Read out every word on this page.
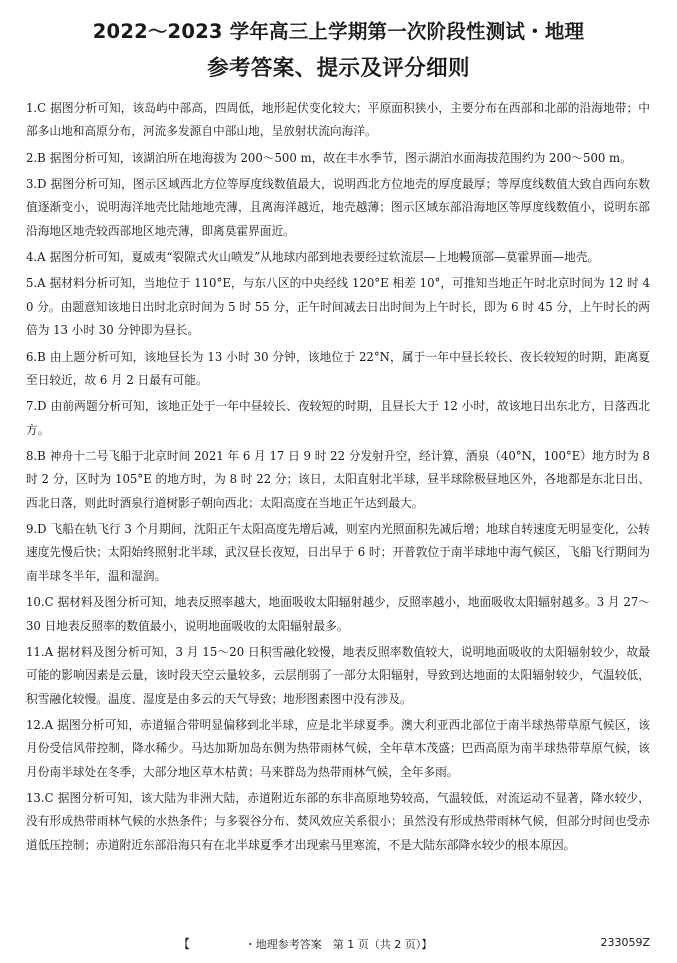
2022～2023 学年高三上学期第一次阶段性测试・地理
参考答案、提示及评分细则

1.C 据图分析可知，该岛屿中部高，四周低，地形起伏变化较大；平原面积狭小，主要分布在西部和北部的沿海地带；中部多山地和高原分布，河流多发源自中部山地，呈放射状流向海洋。

2.B 据图分析可知，该湖泊所在地海拔为 200～500 m，故在丰水季节，图示湖泊水面海拔范围约为 200～500 m。

3.D 据图分析可知，图示区域西北方位等厚度线数值最大，说明西北方位地壳的厚度最厚；等厚度线数值大致自西向东数值逐渐变小，说明海洋地壳比陆地地壳薄，且离海洋越近，地壳越薄；图示区域东部沿海地区等厚度线数值小，说明东部沿海地区地壳较西部地区地壳薄，即离莫霍界面近。

4.A 据图分析可知，夏威夷“裂隙式火山喷发”从地球内部到地表要经过软流层—上地幔顶部—莫霍界面—地壳。

5.A 据材料分析可知，当地位于 110°E，与东八区的中央经线 120°E 相差 10°，可推知当地正午时北京时间为 12 时 40 分。由题意知该地日出时北京时间为 5 时 55 分，正午时间减去日出时间为上午时长，即为 6 时 45 分，上午时长的两倍为 13 小时 30 分钟即为昼长。

6.B 由上题分析可知，该地昼长为 13 小时 30 分钟，该地位于 22°N，属于一年中昼长较长、夜长较短的时期，距离夏至日较近，故 6 月 2 日最有可能。

7.D 由前两题分析可知，该地正处于一年中昼较长、夜较短的时期，且昼长大于 12 小时，故该地日出东北方，日落西北方。

8.B 神舟十二号飞船于北京时间 2021 年 6 月 17 日 9 时 22 分发射升空，经计算，酒泉（40°N，100°E）地方时为 8 时 2 分，区时为 105°E 的地方时，为 8 时 22 分；该日，太阳直射北半球，昼半球除极昼地区外，各地都是东北日出、西北日落，则此时酒泉行道树影子朝向西北；太阳高度在当地正午达到最大。

9.D 飞船在轨飞行 3 个月期间，沈阳正午太阳高度先增后减，则室内光照面积先减后增；地球自转速度无明显变化，公转速度先慢后快；太阳始终照射北半球，武汉昼长夜短，日出早于 6 时；开普敦位于南半球地中海气候区，飞船飞行期间为南半球冬半年，温和湿润。

10.C 据材料及图分析可知，地表反照率越大，地面吸收太阳辐射越少，反照率越小，地面吸收太阳辐射越多。3 月 27～30 日地表反照率的数值最小，说明地面吸收的太阳辐射最多。

11.A 据材料及图分析可知，3 月 15～20 日积雪融化较慢，地表反照率数值较大，说明地面吸收的太阳辐射较少，故最可能的影响因素是云量，该时段天空云量较多，云层削弱了一部分太阳辐射，导致到达地面的太阳辐射较少，气温较低，积雪融化较慢。温度、湿度是由多云的天气导致；地形图素图中没有涉及。

12.A 据图分析可知，赤道辐合带明显偏移到北半球，应是北半球夏季。澳大利亚西北部位于南半球热带草原气候区，该月份受信风带控制，降水稀少。马达加斯加岛东侧为热带雨林气候，全年草木茂盛；巴西高原为南半球热带草原气候，该月份南半球处在冬季，大部分地区草木枯黄；马来群岛为热带雨林气候，全年多雨。

13.C 据图分析可知，该大陆为非洲大陆，赤道附近东部的东非高原地势较高，气温较低，对流运动不显著，降水较少，没有形成热带雨林气候的水热条件；与多裂谷分布、焚风效应关系很小；虽然没有形成热带雨林气候，但部分时间也受赤道低压控制；赤道附近东部沿海只有在北半球夏季才出现索马里寒流，不是大陆东部降水较少的根本原因。

【	・地理参考答案　第 1 页（共 2 页）】	233059Z
